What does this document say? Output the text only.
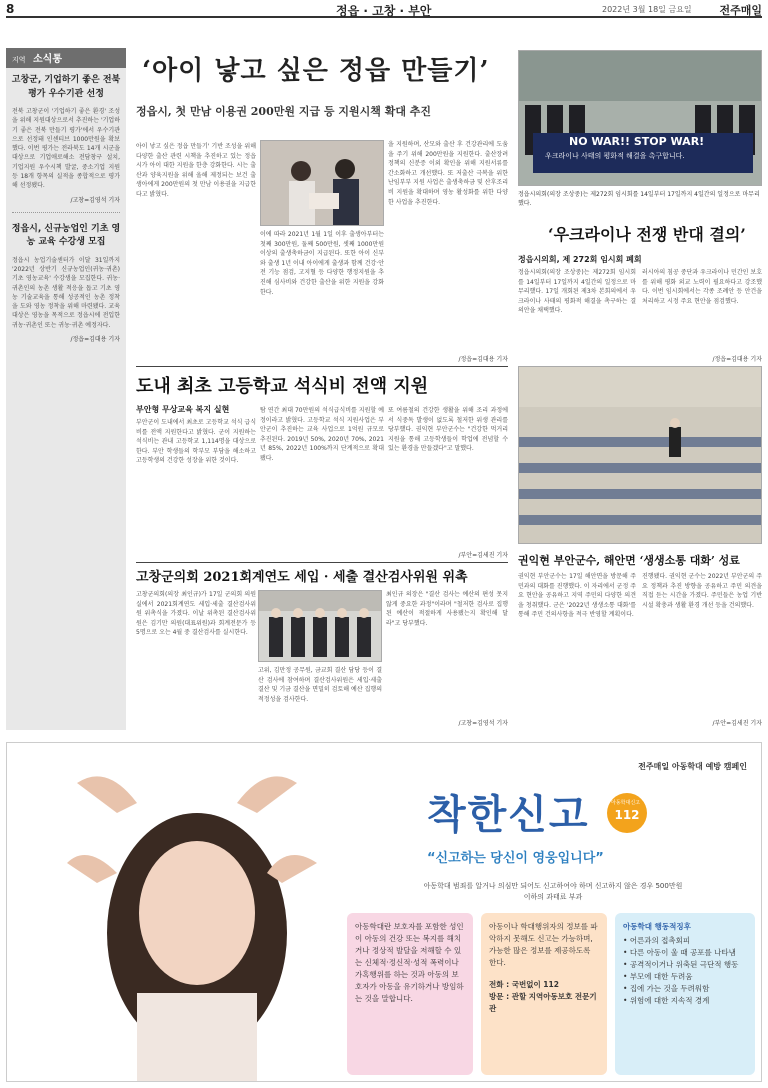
8	정읍 · 고창 · 부안	2022년 3월 18일 금요일	전주매일
지역 소식통
고창군, 기업하기 좋은 전북 평가 우수기관 선정
전북 고창군이 '기업하기 좋은 환경' 조성을 위해 지원대상으로서 추진하는 '기업하기 좋은 전북 만들기 평가'에서 우수기관으로 선정돼 인센티브 1000만원을 확보했다. 이번 평가는 전라북도 14개 시군을 대상으로 기업애로해소 전담창구 설치, 기업지원 우수시책 발굴, 중소기업 지원 등 18개 항목의 실적을 종합적으로 평가해 선정됐다.
/고창=김영석 기자
정읍시, 신규농업인 기초 영농 교육 수강생 모집
정읍시 농업기술센터가 이달 31일까지 '2022년 상반기 신규농업인(귀농·귀촌) 기초 영농교육' 수강생을 모집한다. 귀농·귀촌인의 농촌 생활 적응을 돕고 기초 영농 기술교육을 통해 성공적인 농촌 정착을 도와 영농 정착을 위해 마련됐다. 교육 대상은 영농을 목적으로 정읍시에 전입한 귀농·귀촌인 또는 귀농·귀촌 예정자다.
/정읍=김대용 기자
‘아이 낳고 싶은 정읍 만들기’
정읍시, 첫 만남 이용권 200만원 지급 등 지원시책 확대 추진
아이 낳고 싶은 정읍 만들기' 기반 조성을 위해 다양한 출산 관련 시책을 추진하고 있는 정읍시가 아이 대한 지원을 한층 강화한다. 시는 출산과 양육지원을 위해 올해 제정되는 보건 출생아에게 200만원의 첫 만남 이용권을 지급한다고 밝혔다.
이에 따라 2021년 1월 1일 이후 출생아부터는 첫째 300만원, 둘째 500만원, 셋째 1000만원 이상의 출생축하금이 지급된다. 또한 아이 신부와 출생 1년 이내 아이에게 출생과 함께 건강·안전 기능 점검, 고지혈 등 다양한 행정지원을 추진해 심사비와 건강한 출산을 위한 지원을 강화한다.
을 지원하며, 산모와 출산 후 건강관리에 도움을 주기 위해 200만원을 지원한다. 출산장려정책의 신분증 이외 확인을 위해 지원서류를 간소화하고 개선했다. 또 저출산 극복을 위한 난임부부 지원 사업은 출생축하금 및 산후조리비 지원을 확대하며 영농 활성화를 위한 다양한 사업을 추진한다.
/정읍=김대용 기자
도내 최초 고등학교 석식비 전액 지원
부안형 무상교육 복지 실현
부안군이 도내에서 최초로 고등학교 석식 급식비를 전액 지원한다고 밝혔다. 군이 지원하는 석식비는 관내 고등학교 1,114명을 대상으로 한다. 부안 학생들의 학부모 부담을 해소하고 고등학생의 건강한 성장을 위한 것이다.
탐 연간 최대 70만원의 석식급식비를 지원할 예정이라고 밝혔다. 고등학교 석식 지원사업은 부안군이 추진하는 교육 사업으로 1억원 규모로 추진된다. 2019년 50%, 2020년 70%, 2021년 85%, 2022년 100%까지 단계적으로 확대됐다.
또 여름철의 건강한 생활을 위해 조리 과정에서 식중독 발생이 없도록 철저한 위생 관리를 당부했다. 권익현 부안군수는 "건강한 먹거리 지원을 통해 고등학생들이 학업에 전념할 수 있는 환경을 만들겠다"고 말했다.
/부안=김세진 기자
고창군의회 2021회계연도 세입 · 세출 결산검사위원 위촉
고창군의회(의장 최인규)가 17일 군의회 의원실에서 2021회계연도 세입·세출 결산검사위원 위촉식을 가졌다. 이날 위촉된 결산검사위원은 김기만 의원(대표위원)과 회계전문가 등 5명으로 오는 4월 중 결산검사를 실시한다.
고위, 김만정 공무원, 금교회 결산 담당 등이 결산 검사에 참여하며 결산검사위원은 세입·세출 결산 및 기금 결산을 면밀히 검토해 예산 집행의 적정성을 검사한다.
최인규 의장은 "결산 검사는 예산의 편성 못지않게 중요한 과정"이라며 "철저한 검사로 집행된 예산이 적절하게 사용됐는지 확인해 달라"고 당부했다.
/고창=김영석 기자
NO WAR!! STOP WAR!
우크라이나 사태의 평화적 해결을 촉구합니다.
정읍시의회(의장 조상중)는 제272회 임시회를 14일부터 17일까지 4일간의 일정으로 마무리했다.
‘우크라이나 전쟁 반대 결의’
정읍시의회, 제 272회 임시회 폐회
정읍시의회(의장 조상중)는 제272회 임시회를 14일부터 17일까지 4일간의 일정으로 마무리했다. 17일 개회된 제3차 본회의에서 우크라이나 사태의 평화적 해결을 촉구하는 결의안을 채택했다.
러시아의 침공 중단과 우크라이나 민간인 보호를 위해 평화 외교 노력이 필요하다고 강조했다. 이번 임시회에서는 각종 조례안 등 안건을 처리하고 시정 주요 현안을 점검했다.
/정읍=김대용 기자
권익현 부안군수, 해안면 ‘생생소통 대화’ 성료
권익현 부안군수는 17일 해안면을 방문해 주민과의 대화를 진행했다. 이 자리에서 군정 주요 현안을 공유하고 지역 주민의 다양한 의견을 청취했다. 군은 '2022년 생생소통 대화'를 통해 주민 건의사항을 적극 반영할 계획이다.
진행됐다. 권익현 군수는 2022년 부안군의 주요 정책과 추진 방향을 공유하고 주민 의견을 직접 듣는 시간을 가졌다. 주민들은 농업 기반 시설 확충과 생활 환경 개선 등을 건의했다.
/부안=김세진 기자
전주매일 아동학대 예방 캠페인
착한신고	112
아동학대신고
“신고하는 당신이 영웅입니다”
아동학대 범죄를 알거나 의심만 되어도 신고하여야 하며 신고하지 않은 경우 500만원 이하의 과태료 부과
아동학대란 보호자를 포함한 성인이 아동의 건강 또는 복지를 해치거나 정상적 발달을 저해할 수 있는 신체적·정신적·성적 폭력이나 가혹행위를 하는 것과 아동의 보호자가 아동을 유기하거나 방임하는 것을 말합니다.
아동이나 학대행위자의 정보를 파악하지 못해도 신고는 가능하며, 가능한 많은 정보를 제공하도록 한다.
전화 : 국번없이 112
방문 : 관할 지역아동보호 전문기관
아동학대 행동적징후
• 어른과의 접촉회피
• 다른 아동이 울 때 공포를 나타냄
• 공격적이거나 위축된 극단적 행동
• 부모에 대한 두려움
• 집에 가는 것을 두려워함
• 위험에 대한 지속적 경계
